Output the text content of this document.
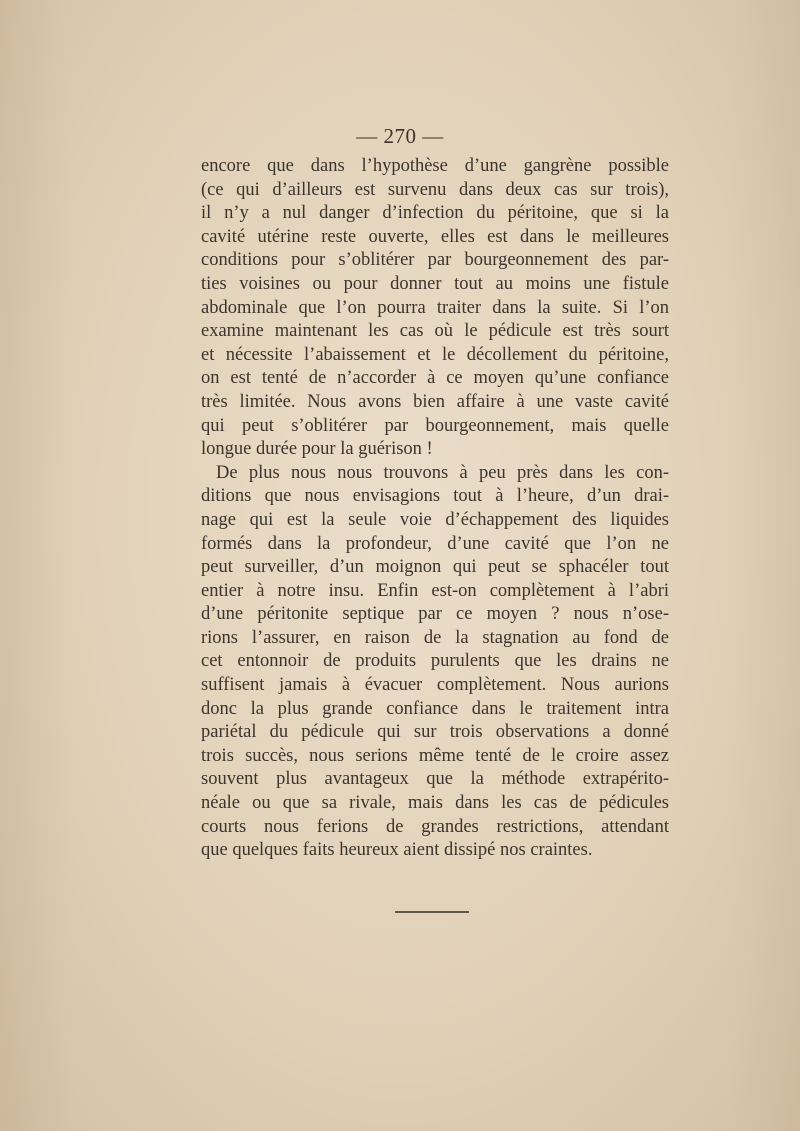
— 270 —
encore que dans l’hypothèse d’une gangrène possible
(ce qui d’ailleurs est survenu dans deux cas sur trois),
il n’y a nul danger d’infection du péritoine, que si la
cavité utérine reste ouverte, elles est dans le meilleures
conditions pour s’oblitérer par bourgeonnement des par-
ties voisines ou pour donner tout au moins une fistule
abdominale que l’on pourra traiter dans la suite. Si l’on
examine maintenant les cas où le pédicule est très sourt
et nécessite l’abaissement et le décollement du péritoine,
on est tenté de n’accorder à ce moyen qu’une confiance
très limitée. Nous avons bien affaire à une vaste cavité
qui peut s’oblitérer par bourgeonnement, mais quelle
longue durée pour la guérison !
De plus nous nous trouvons à peu près dans les con-
ditions que nous envisagions tout à l’heure, d’un drai-
nage qui est la seule voie d’échappement des liquides
formés dans la profondeur, d’une cavité que l’on ne
peut surveiller, d’un moignon qui peut se sphacéler tout
entier à notre insu. Enfin est-on complètement à l’abri
d’une péritonite septique par ce moyen ? nous n’ose-
rions l’assurer, en raison de la stagnation au fond de
cet entonnoir de produits purulents que les drains ne
suffisent jamais à évacuer complètement. Nous aurions
donc la plus grande confiance dans le traitement intra
pariétal du pédicule qui sur trois observations a donné
trois succès, nous serions même tenté de le croire assez
souvent plus avantageux que la méthode extrapérito-
néale ou que sa rivale, mais dans les cas de pédicules
courts nous ferions de grandes restrictions, attendant
que quelques faits heureux aient dissipé nos craintes.
